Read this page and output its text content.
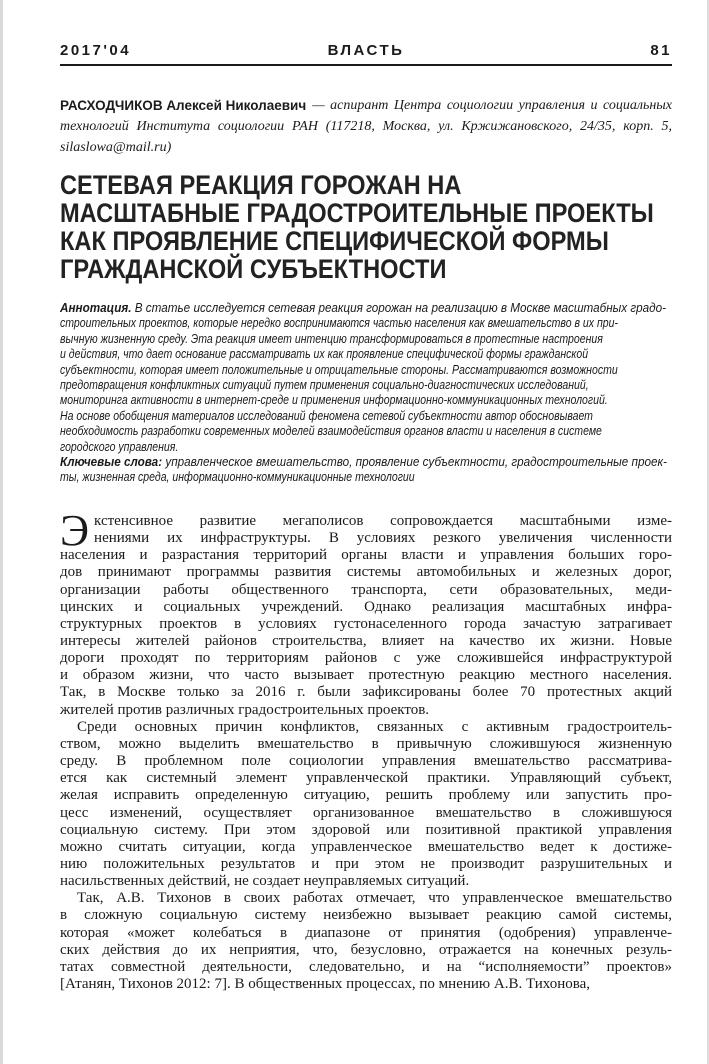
2017'04	ВЛАСТЬ	81
РАСХОДЧИКОВ Алексей Николаевич — аспирант Центра социологии управления и социальных
технологий Института социологии РАН (117218, Москва, ул. Кржижановского, 24/35, корп. 5,
silaslowa@mail.ru)
СЕТЕВАЯ РЕАКЦИЯ ГОРОЖАН НА
МАСШТАБНЫЕ ГРАДОСТРОИТЕЛЬНЫЕ ПРОЕКТЫ
КАК ПРОЯВЛЕНИЕ СПЕЦИФИЧЕСКОЙ ФОРМЫ
ГРАЖДАНСКОЙ СУБЪЕКТНОСТИ
Аннотация. В статье исследуется сетевая реакция горожан на реализацию в Москве масштабных градо-
строительных проектов, которые нередко воспринимаются частью населения как вмешательство в их при-
вычную жизненную среду. Эта реакция имеет интенцию трансформироваться в протестные настроения
и действия, что дает основание рассматривать их как проявление специфической формы гражданской
субъектности, которая имеет положительные и отрицательные стороны. Рассматриваются возможности
предотвращения конфликтных ситуаций путем применения социально-диагностических исследований,
мониторинга активности в интернет-среде и применения информационно-коммуникационных технологий.
На основе обобщения материалов исследований феномена сетевой субъектности автор обосновывает
необходимость разработки современных моделей взаимодействия органов власти и населения в системе
городского управления.
Ключевые слова: управленческое вмешательство, проявление субъектности, градостроительные проек-
ты, жизненная среда, информационно-коммуникационные технологии
Э кстенсивное развитие мегаполисов сопровождается масштабными изме-
нениями их инфраструктуры. В условиях резкого увеличения численности
населения и разрастания территорий органы власти и управления больших горо-
дов принимают программы развития системы автомобильных и железных дорог,
организации работы общественного транспорта, сети образовательных, меди-
цинских и социальных учреждений. Однако реализация масштабных инфра-
структурных проектов в условиях густонаселенного города зачастую затрагивает
интересы жителей районов строительства, влияет на качество их жизни. Новые
дороги проходят по территориям районов с уже сложившейся инфраструктурой
и образом жизни, что часто вызывает протестную реакцию местного населения.
Так, в Москве только за 2016 г. были зафиксированы более 70 протестных акций
жителей против различных градостроительных проектов.
Среди основных причин конфликтов, связанных с активным градостроитель-
ством, можно выделить вмешательство в привычную сложившуюся жизненную
среду. В проблемном поле социологии управления вмешательство рассматрива-
ется как системный элемент управленческой практики. Управляющий субъект,
желая исправить определенную ситуацию, решить проблему или запустить про-
цесс изменений, осуществляет организованное вмешательство в сложившуюся
социальную систему. При этом здоровой или позитивной практикой управления
можно считать ситуации, когда управленческое вмешательство ведет к достиже-
нию положительных результатов и при этом не производит разрушительных и
насильственных действий, не создает неуправляемых ситуаций.
Так, А.В. Тихонов в своих работах отмечает, что управленческое вмешательство
в сложную социальную систему неизбежно вызывает реакцию самой системы,
которая «может колебаться в диапазоне от принятия (одобрения) управленче-
ских действия до их неприятия, что, безусловно, отражается на конечных резуль-
татах совместной деятельности, следовательно, и на “исполняемости” проектов»
[Атанян, Тихонов 2012: 7]. В общественных процессах, по мнению А.В. Тихонова,
